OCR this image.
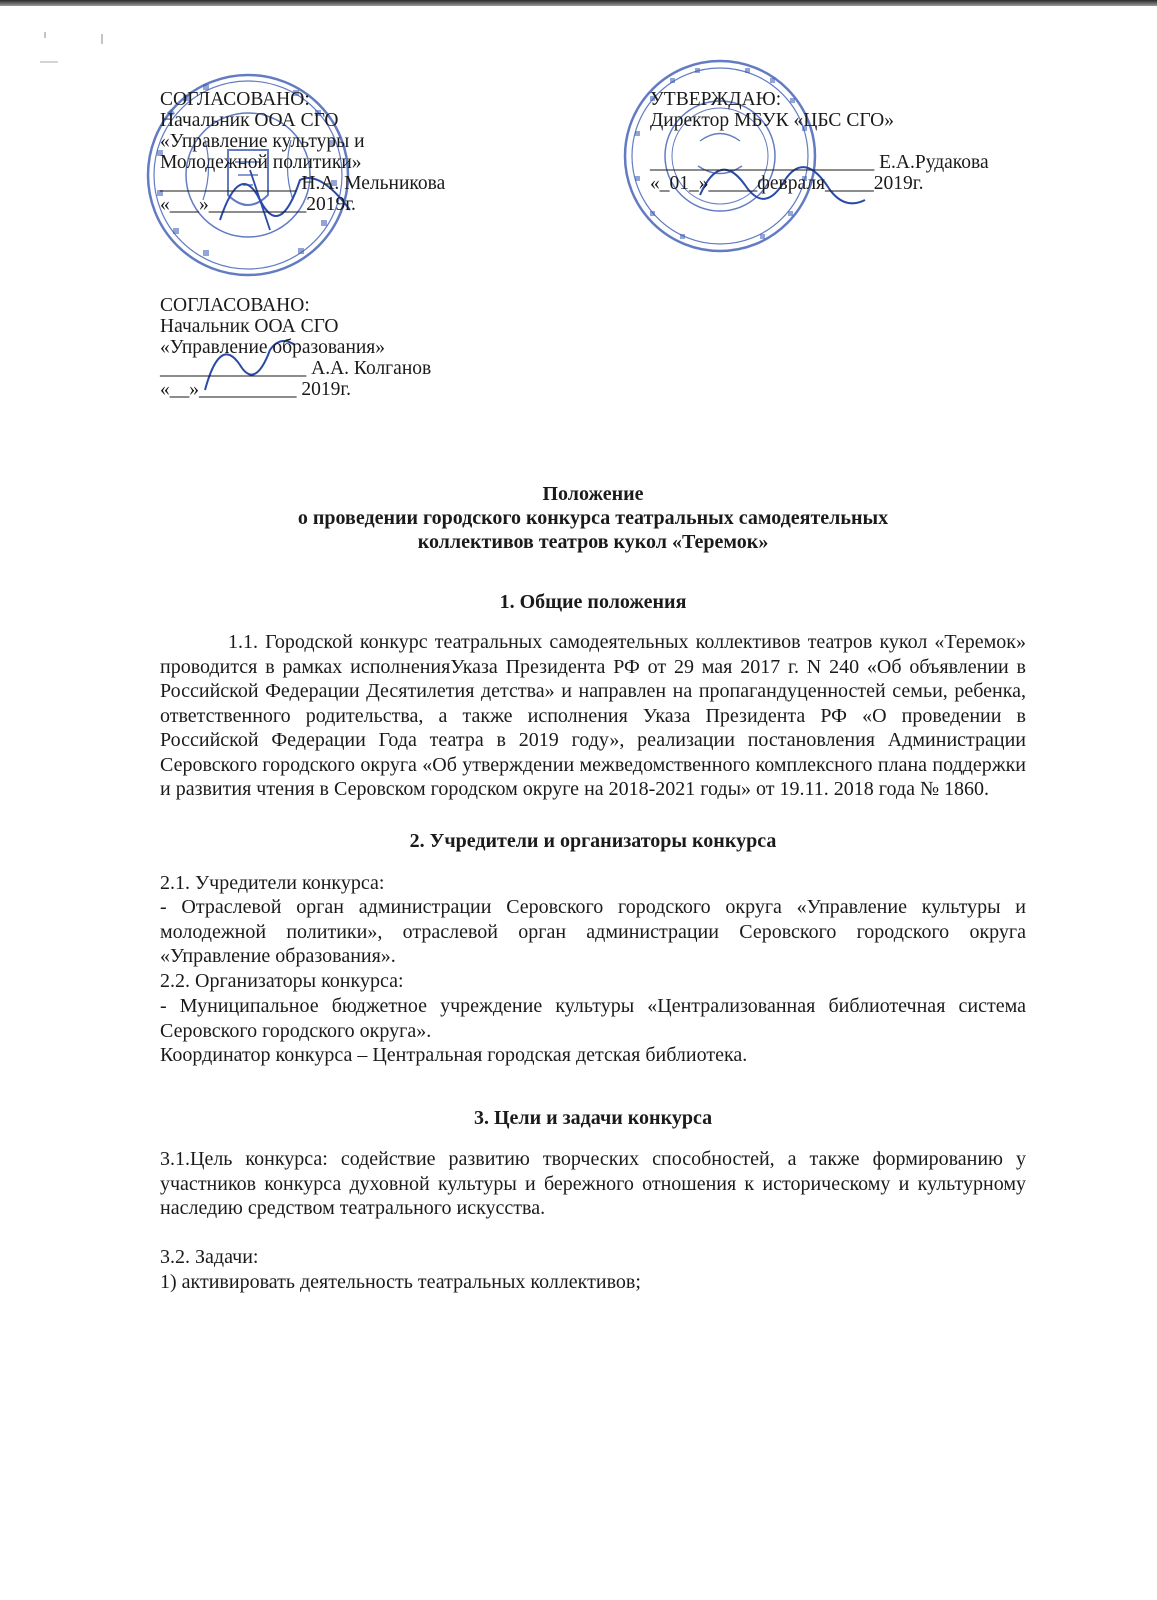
СОГЛАСОВАНО:
Начальник ООА СГО
«Управление культуры и
Молодежной политики»
______________ Н.А. Мельникова
«___»__________2019г.
СОГЛАСОВАНО:
Начальник ООА СГО
«Управление образования»
_______________ А.А. Колганов
«__»__________ 2019г.
УТВЕРЖДАЮ:
Директор МБУК «ЦБС СГО»

_______________________ Е.А.Рудакова
«_01_»_____февраля_____2019г.
Положение
о проведении городского конкурса театральных самодеятельных
коллективов театров кукол «Теремок»
1. Общие положения
1.1. Городской конкурс театральных самодеятельных коллективов театров кукол «Теремок» проводится в рамках исполненияУказа Президента РФ от 29 мая 2017 г. N 240 «Об объявлении в Российской Федерации Десятилетия детства» и направлен на пропагандуценностей семьи, ребенка, ответственного родительства, а также исполнения Указа Президента РФ «О проведении в Российской Федерации Года театра в 2019 году», реализации постановления Администрации Серовского городского округа «Об утверждении межведомственного комплексного плана поддержки и развития чтения в Серовском городском округе на 2018-2021 годы» от 19.11. 2018 года № 1860.
2. Учредители и организаторы конкурса
2.1. Учредители конкурса:
- Отраслевой орган администрации Серовского городского округа «Управление культуры и молодежной политики», отраслевой орган администрации Серовского городского округа «Управление образования».
2.2. Организаторы конкурса:
- Муниципальное бюджетное учреждение культуры «Централизованная библиотечная система Серовского городского округа».
Координатор конкурса – Центральная городская детская библиотека.
3. Цели и задачи конкурса
3.1.Цель конкурса: содействие развитию творческих способностей, а также формированию у участников конкурса духовной культуры и бережного отношения к историческому и культурному наследию средством театрального искусства.
3.2. Задачи:
1) активировать деятельность театральных коллективов;
